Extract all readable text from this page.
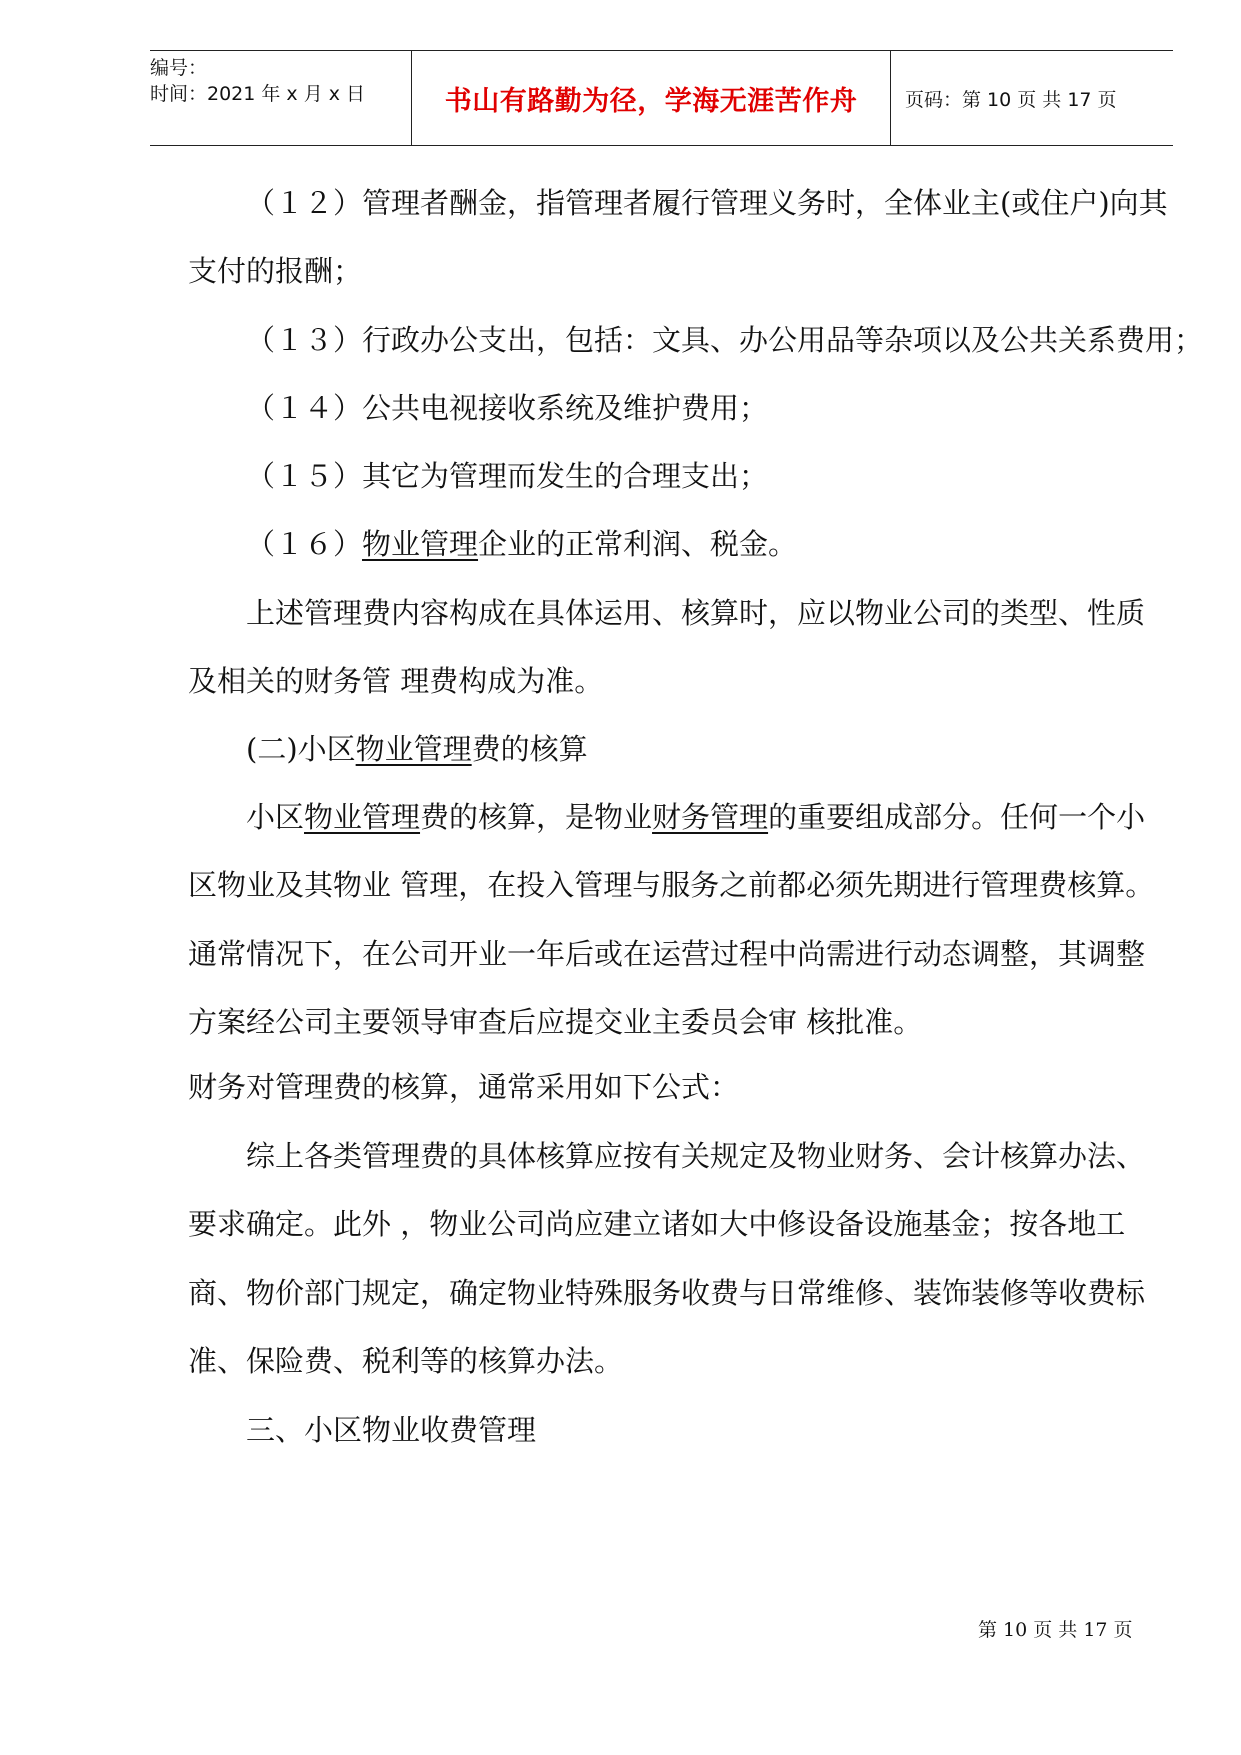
编号：
时间：2021 年 x 月 x 日	书山有路勤为径，学海无涯苦作舟	页码：第 10 页 共 17 页

（１２）管理者酬金，指管理者履行管理义务时，全体业主(或住户)向其

支付的报酬；

（１３）行政办公支出，包括：文具、办公用品等杂项以及公共关系费用；

（１４）公共电视接收系统及维护费用；

（１５）其它为管理而发生的合理支出；

（１６）物业管理企业的正常利润、税金。

上述管理费内容构成在具体运用、核算时，应以物业公司的类型、性质

及相关的财务管 理费构成为准。

(二)小区物业管理费的核算

小区物业管理费的核算，是物业财务管理的重要组成部分。任何一个小

区物业及其物业 管理，在投入管理与服务之前都必须先期进行管理费核算。

通常情况下，在公司开业一年后或在运营过程中尚需进行动态调整，其调整

方案经公司主要领导审查后应提交业主委员会审 核批准。

财务对管理费的核算，通常采用如下公式：

综上各类管理费的具体核算应按有关规定及物业财务、会计核算办法、

要求确定。此外 ，物业公司尚应建立诸如大中修设备设施基金；按各地工

商、物价部门规定，确定物业特殊服务收费与日常维修、装饰装修等收费标

准、保险费、税利等的核算办法。

三、小区物业收费管理

第 10 页 共 17 页
